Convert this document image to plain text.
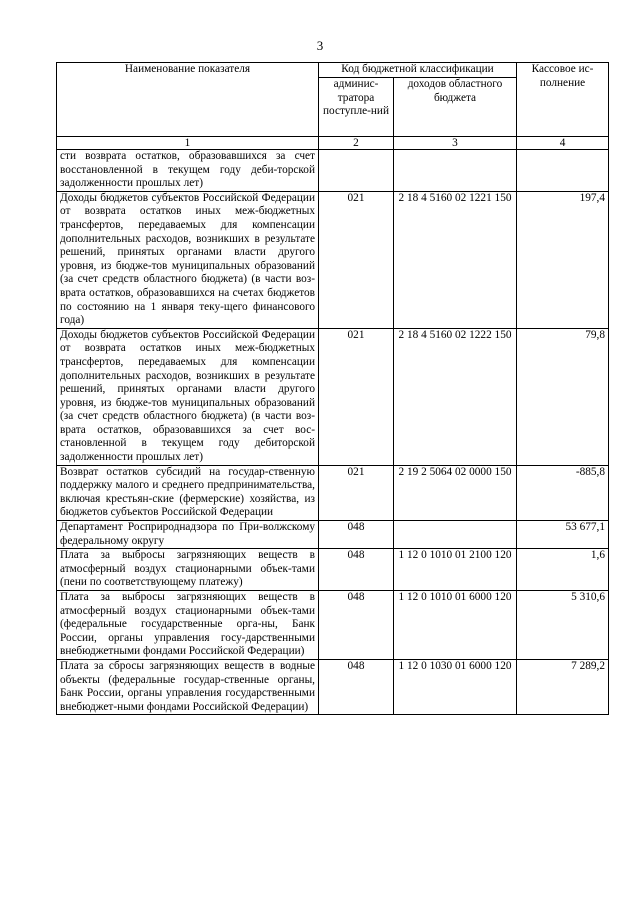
3
Наименование показателя	Код бюджетной классификации		Кассовое ис-полнение
	админис-тратора поступле-ний	доходов областного бюджета	
1	2	3	4
сти возврата остатков, образовавшихся за счет восстановленной в текущем году деби-торской задолженности прошлых лет)			
Доходы бюджетов субъектов Российской Федерации от возврата остатков иных меж-бюджетных трансфертов, передаваемых для компенсации дополнительных расходов, возникших в результате решений, принятых органами власти другого уровня, из бюдже-тов муниципальных образований (за счет средств областного бюджета) (в части воз-врата остатков, образовавшихся на счетах бюджетов по состоянию на 1 января теку-щего финансового года)	021	2 18 4 5160 02 1221 150	197,4
Доходы бюджетов субъектов Российской Федерации от возврата остатков иных меж-бюджетных трансфертов, передаваемых для компенсации дополнительных расходов, возникших в результате решений, принятых органами власти другого уровня, из бюдже-тов муниципальных образований (за счет средств областного бюджета) (в части воз-врата остатков, образовавшихся за счет вос-становленной в текущем году дебиторской задолженности прошлых лет)	021	2 18 4 5160 02 1222 150	79,8
Возврат остатков субсидий на государ-ственную поддержку малого и среднего предпринимательства, включая крестьян-ские (фермерские) хозяйства, из бюджетов субъектов Российской Федерации	021	2 19 2 5064 02 0000 150	-885,8
Департамент Росприроднадзора по При-волжскому федеральному округу	048		53 677,1
Плата за выбросы загрязняющих веществ в атмосферный воздух стационарными объек-тами (пени по соответствующему платежу)	048	1 12 0 1010 01 2100 120	1,6
Плата за выбросы загрязняющих веществ в атмосферный воздух стационарными объек-тами (федеральные государственные орга-ны, Банк России, органы управления госу-дарственными внебюджетными фондами Российской Федерации)	048	1 12 0 1010 01 6000 120	5 310,6
Плата за сбросы загрязняющих веществ в водные объекты (федеральные государ-ственные органы, Банк России, органы управления государственными внебюджет-ными фондами Российской Федерации)	048	1 12 0 1030 01 6000 120	7 289,2
